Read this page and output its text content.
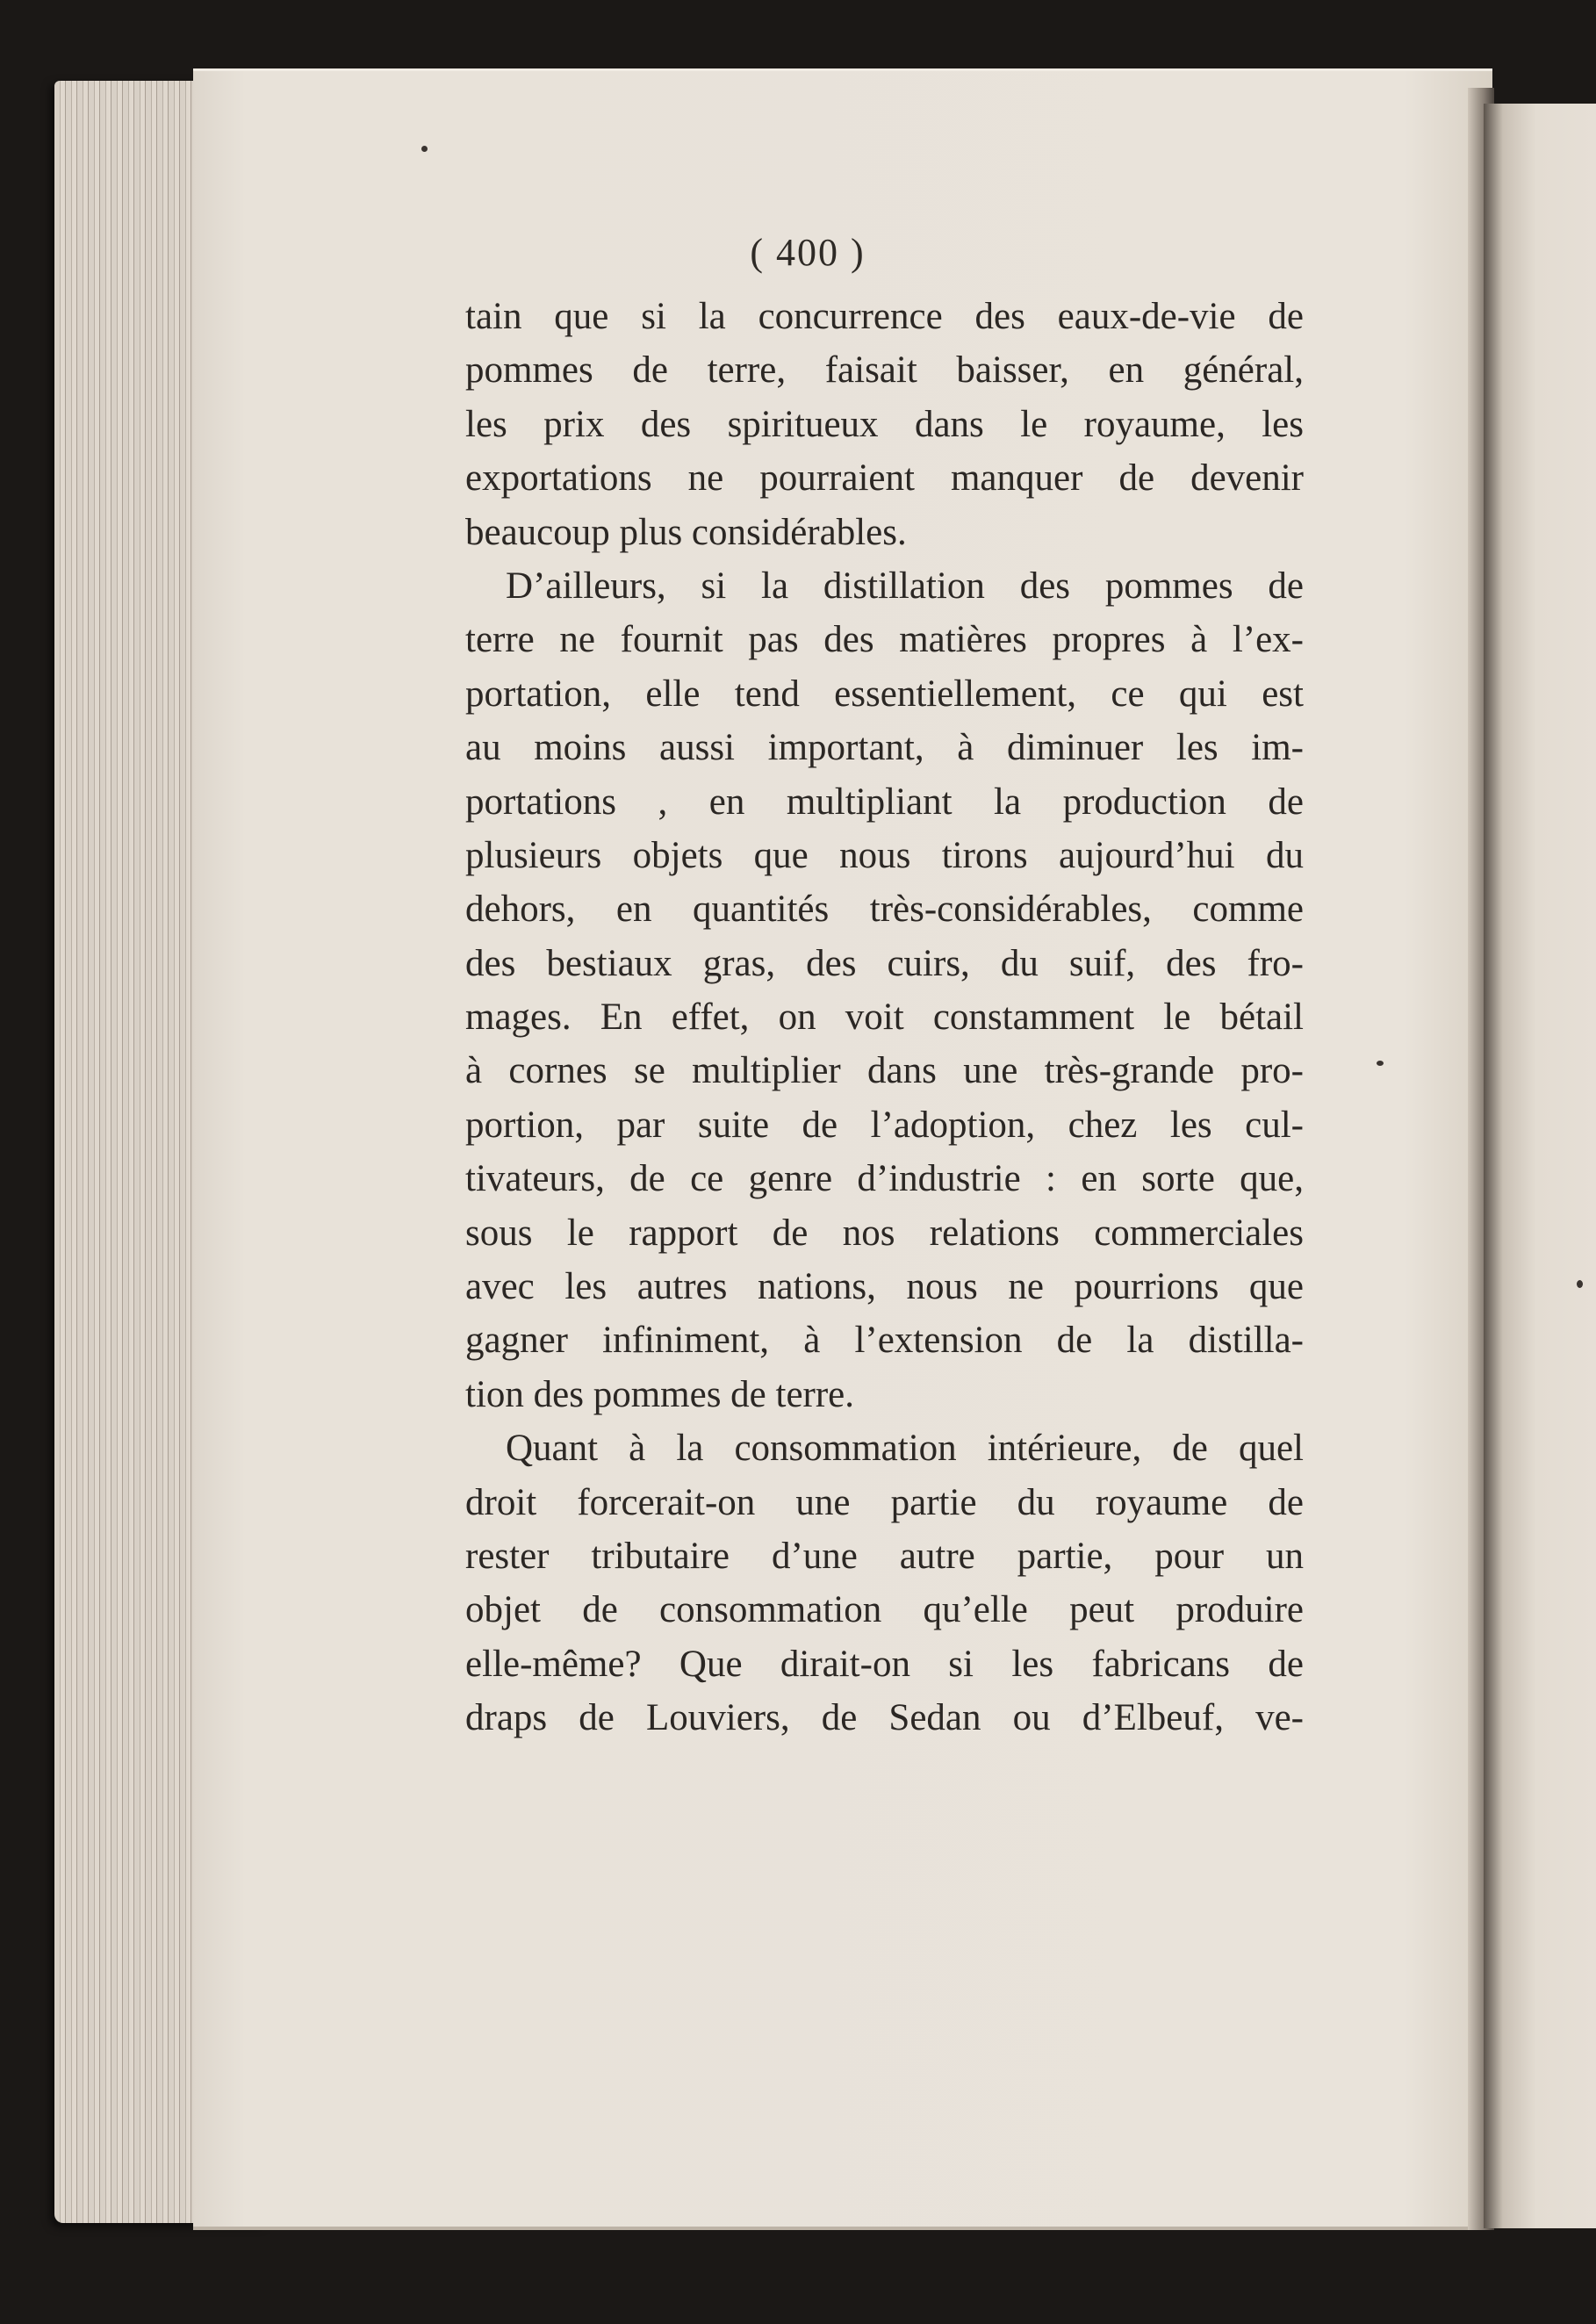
( 400 )
tain que si la concurrence des eaux-de-vie de
pommes de terre, faisait baisser, en général,
les prix des spiritueux dans le royaume, les
exportations ne pourraient manquer de devenir
beaucoup plus considérables.
D’ailleurs, si la distillation des pommes de
terre ne fournit pas des matières propres à l’ex-
portation, elle tend essentiellement, ce qui est
au moins aussi important, à diminuer les im-
portations , en multipliant la production de
plusieurs objets que nous tirons aujourd’hui du
dehors, en quantités très-considérables, comme
des bestiaux gras, des cuirs, du suif, des fro-
mages. En effet, on voit constamment le bétail
à cornes se multiplier dans une très-grande pro-
portion, par suite de l’adoption, chez les cul-
tivateurs, de ce genre d’industrie : en sorte que,
sous le rapport de nos relations commerciales
avec les autres nations, nous ne pourrions que
gagner infiniment, à l’extension de la distilla-
tion des pommes de terre.
Quant à la consommation intérieure, de quel
droit forcerait-on une partie du royaume de
rester tributaire d’une autre partie, pour un
objet de consommation qu’elle peut produire
elle-même? Que dirait-on si les fabricans de
draps de Louviers, de Sedan ou d’Elbeuf, ve-
